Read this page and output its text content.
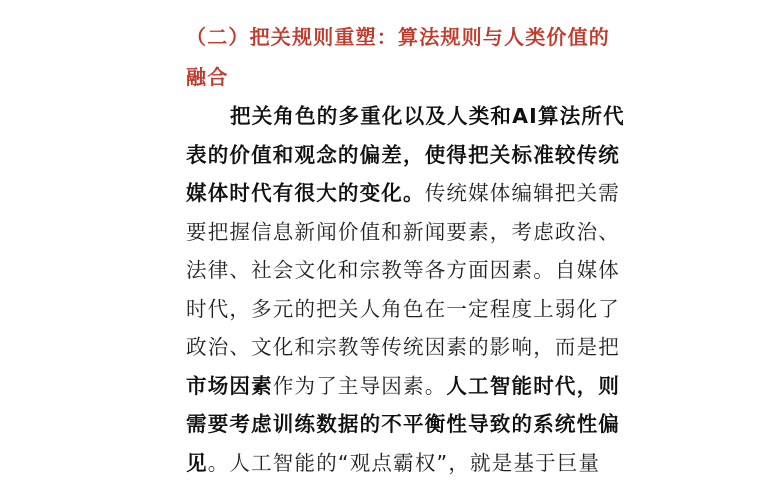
（二）把关规则重塑：算法规则与人类价值的
融合
把关角色的多重化以及人类和AI算法所代
表的价值和观念的偏差，使得把关标准较传统
媒体时代有很大的变化。传统媒体编辑把关需
要把握信息新闻价值和新闻要素，考虑政治、
法律、社会文化和宗教等各方面因素。自媒体
时代，多元的把关人角色在一定程度上弱化了
政治、文化和宗教等传统因素的影响，而是把
市场因素作为了主导因素。人工智能时代，则
需要考虑训练数据的不平衡性导致的系统性偏
见。人工智能的“观点霸权”，就是基于巨量
